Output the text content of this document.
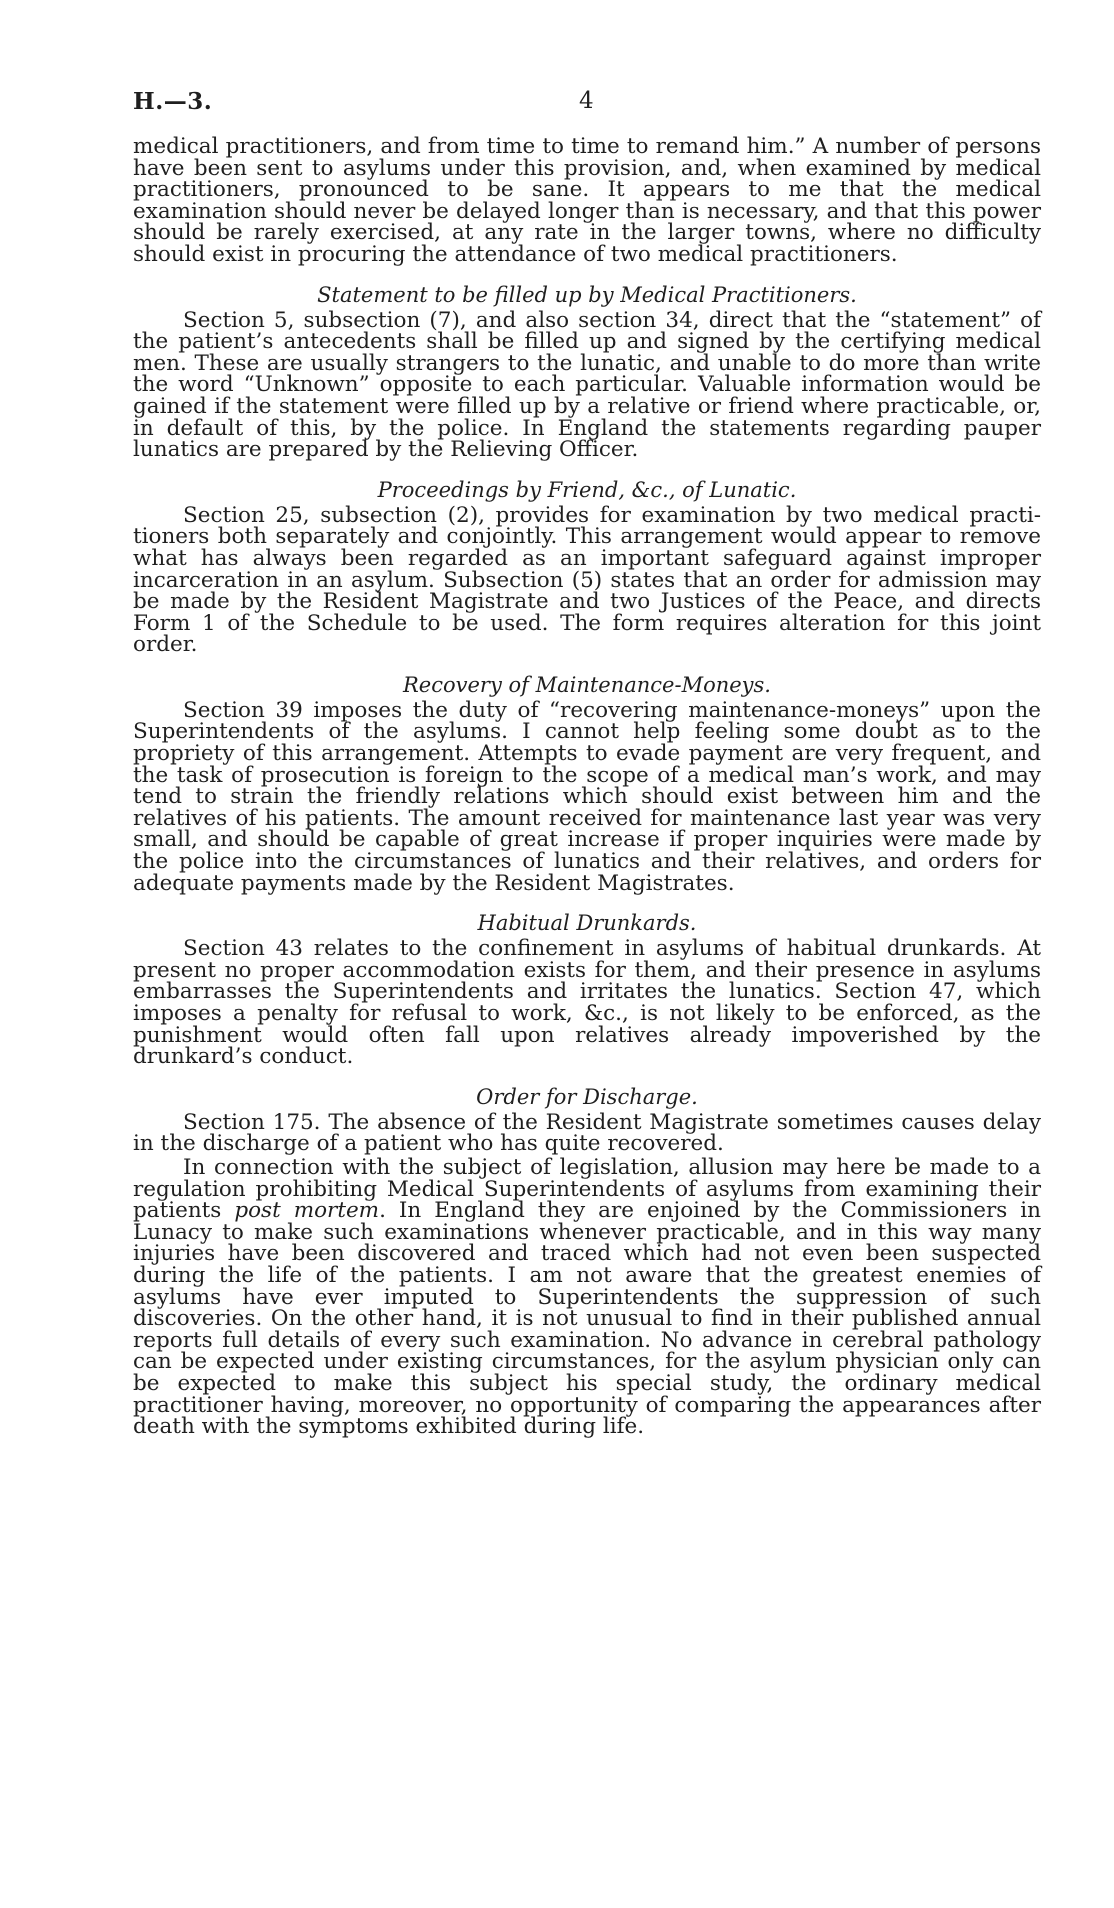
H.—3.	4

medical practitioners, and from time to time to remand him.” A number of persons have been sent to asylums under this provision, and, when examined by medical practitioners, pronounced to be sane. It appears to me that the medical examination should never be delayed longer than is necessary, and that this power should be rarely exercised, at any rate in the larger towns, where no difficulty should exist in procuring the attendance of two medical practitioners.

Statement to be filled up by Medical Practitioners.

Section 5, subsection (7), and also section 34, direct that the “statement” of the patient’s antecedents shall be filled up and signed by the certifying medical men. These are usually strangers to the lunatic, and unable to do more than write the word “Unknown” opposite to each particular. Valuable information would be gained if the statement were filled up by a relative or friend where practicable, or, in default of this, by the police. In England the statements regarding pauper lunatics are prepared by the Relieving Officer.

Proceedings by Friend, &c., of Lunatic.

Section 25, subsection (2), provides for examination by two medical practitioners both separately and conjointly. This arrangement would appear to remove what has always been regarded as an important safeguard against improper incarceration in an asylum. Subsection (5) states that an order for admission may be made by the Resident Magistrate and two Justices of the Peace, and directs Form 1 of the Schedule to be used. The form requires alteration for this joint order.

Recovery of Maintenance-Moneys.

Section 39 imposes the duty of “recovering maintenance-moneys” upon the Superintendents of the asylums. I cannot help feeling some doubt as to the propriety of this arrangement. Attempts to evade payment are very frequent, and the task of prosecution is foreign to the scope of a medical man’s work, and may tend to strain the friendly relations which should exist between him and the relatives of his patients. The amount received for maintenance last year was very small, and should be capable of great increase if proper inquiries were made by the police into the circumstances of lunatics and their relatives, and orders for adequate payments made by the Resident Magistrates.

Habitual Drunkards.

Section 43 relates to the confinement in asylums of habitual drunkards. At present no proper accommodation exists for them, and their presence in asylums embarrasses the Superintendents and irritates the lunatics. Section 47, which imposes a penalty for refusal to work, &c., is not likely to be enforced, as the punishment would often fall upon relatives already impoverished by the drunkard’s conduct.

Order for Discharge.

Section 175. The absence of the Resident Magistrate sometimes causes delay in the discharge of a patient who has quite recovered.

In connection with the subject of legislation, allusion may here be made to a regulation prohibiting Medical Superintendents of asylums from examining their patients post mortem. In England they are enjoined by the Commissioners in Lunacy to make such examinations whenever practicable, and in this way many injuries have been discovered and traced which had not even been suspected during the life of the patients. I am not aware that the greatest enemies of asylums have ever imputed to Superintendents the suppression of such discoveries. On the other hand, it is not unusual to find in their published annual reports full details of every such examination. No advance in cerebral pathology can be expected under existing circumstances, for the asylum physician only can be expected to make this subject his special study, the ordinary medical practitioner having, moreover, no opportunity of comparing the appearances after death with the symptoms exhibited during life.
